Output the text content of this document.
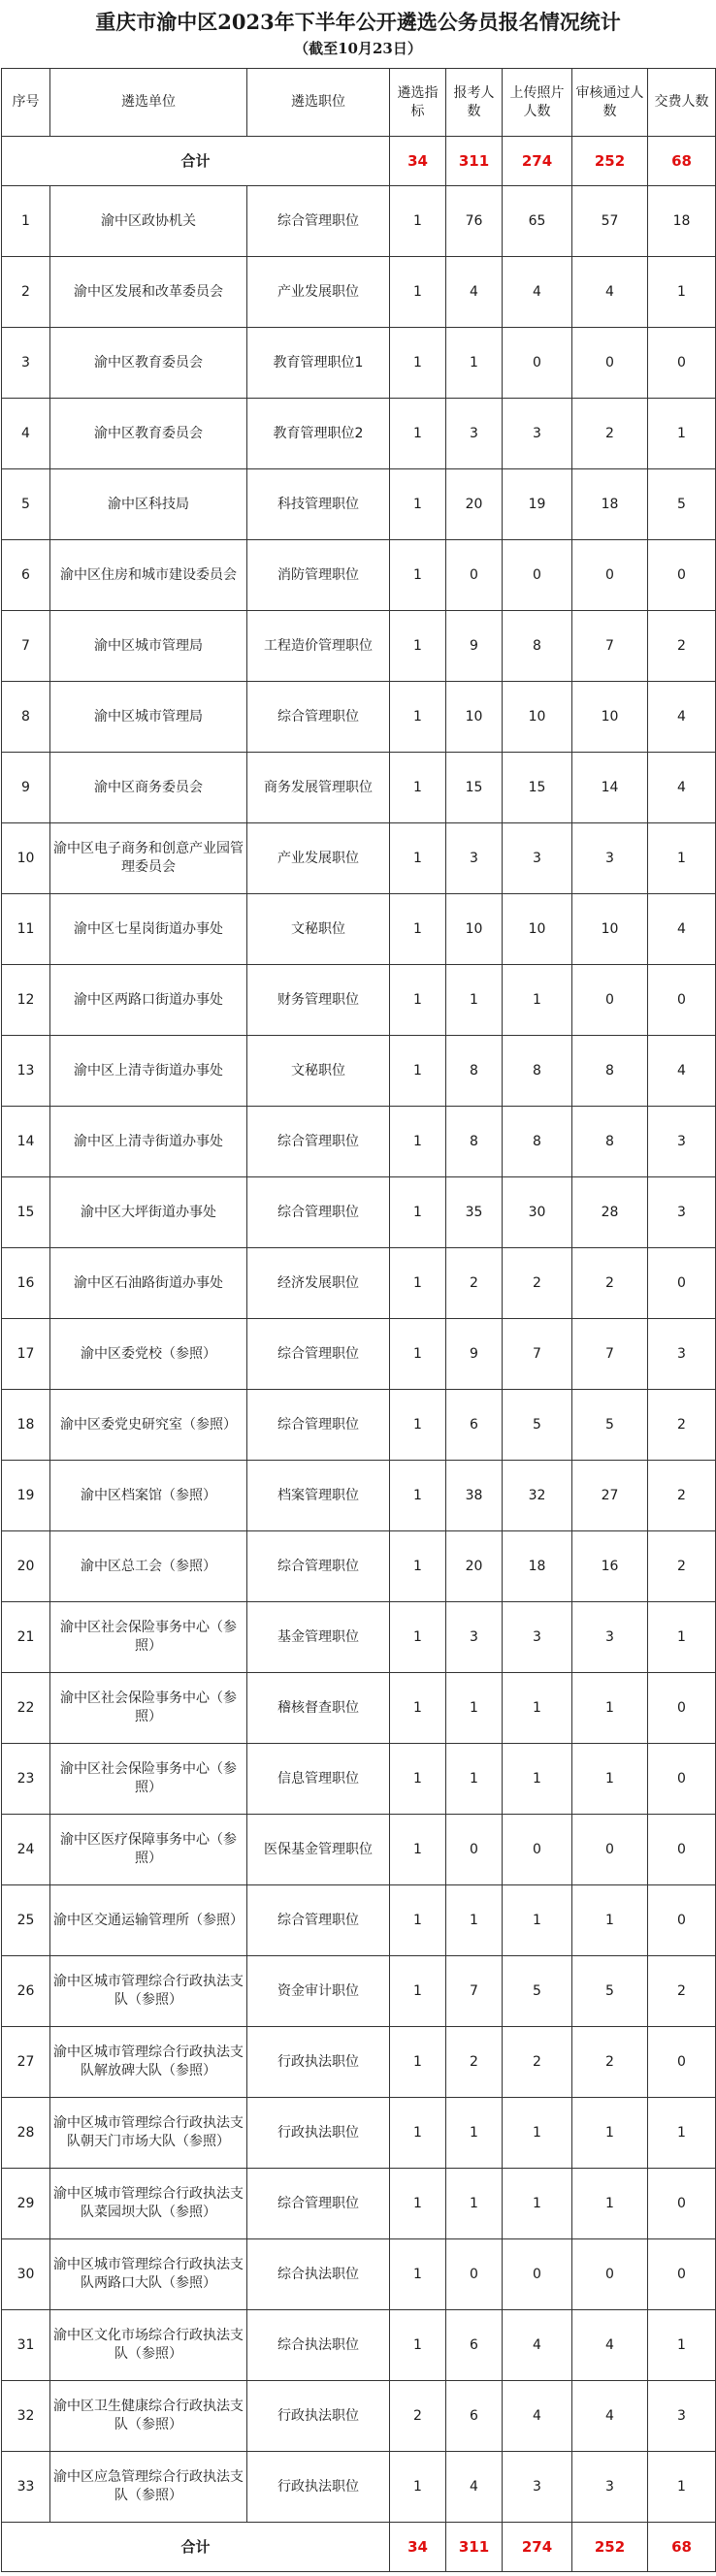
重庆市渝中区2023年下半年公开遴选公务员报名情况统计
（截至10月23日）
序号	遴选单位	遴选职位	遴选指标	报考人数	上传照片人数	审核通过人数	交费人数
合计			34	311	274	252	68
1	渝中区政协机关	综合管理职位	1	76	65	57	18
2	渝中区发展和改革委员会	产业发展职位	1	4	4	4	1
3	渝中区教育委员会	教育管理职位1	1	1	0	0	0
4	渝中区教育委员会	教育管理职位2	1	3	3	2	1
5	渝中区科技局	科技管理职位	1	20	19	18	5
6	渝中区住房和城市建设委员会	消防管理职位	1	0	0	0	0
7	渝中区城市管理局	工程造价管理职位	1	9	8	7	2
8	渝中区城市管理局	综合管理职位	1	10	10	10	4
9	渝中区商务委员会	商务发展管理职位	1	15	15	14	4
10	渝中区电子商务和创意产业园管理委员会	产业发展职位	1	3	3	3	1
11	渝中区七星岗街道办事处	文秘职位	1	10	10	10	4
12	渝中区两路口街道办事处	财务管理职位	1	1	1	0	0
13	渝中区上清寺街道办事处	文秘职位	1	8	8	8	4
14	渝中区上清寺街道办事处	综合管理职位	1	8	8	8	3
15	渝中区大坪街道办事处	综合管理职位	1	35	30	28	3
16	渝中区石油路街道办事处	经济发展职位	1	2	2	2	0
17	渝中区委党校（参照）	综合管理职位	1	9	7	7	3
18	渝中区委党史研究室（参照）	综合管理职位	1	6	5	5	2
19	渝中区档案馆（参照）	档案管理职位	1	38	32	27	2
20	渝中区总工会（参照）	综合管理职位	1	20	18	16	2
21	渝中区社会保险事务中心（参照）	基金管理职位	1	3	3	3	1
22	渝中区社会保险事务中心（参照）	稽核督查职位	1	1	1	1	0
23	渝中区社会保险事务中心（参照）	信息管理职位	1	1	1	1	0
24	渝中区医疗保障事务中心（参照）	医保基金管理职位	1	0	0	0	0
25	渝中区交通运输管理所（参照）	综合管理职位	1	1	1	1	0
26	渝中区城市管理综合行政执法支队（参照）	资金审计职位	1	7	5	5	2
27	渝中区城市管理综合行政执法支队解放碑大队（参照）	行政执法职位	1	2	2	2	0
28	渝中区城市管理综合行政执法支队朝天门市场大队（参照）	行政执法职位	1	1	1	1	1
29	渝中区城市管理综合行政执法支队菜园坝大队（参照）	综合管理职位	1	1	1	1	0
30	渝中区城市管理综合行政执法支队两路口大队（参照）	综合执法职位	1	0	0	0	0
31	渝中区文化市场综合行政执法支队（参照）	综合执法职位	1	6	4	4	1
32	渝中区卫生健康综合行政执法支队（参照）	行政执法职位	2	6	4	4	3
33	渝中区应急管理综合行政执法支队（参照）	行政执法职位	1	4	3	3	1
合计			34	311	274	252	68
